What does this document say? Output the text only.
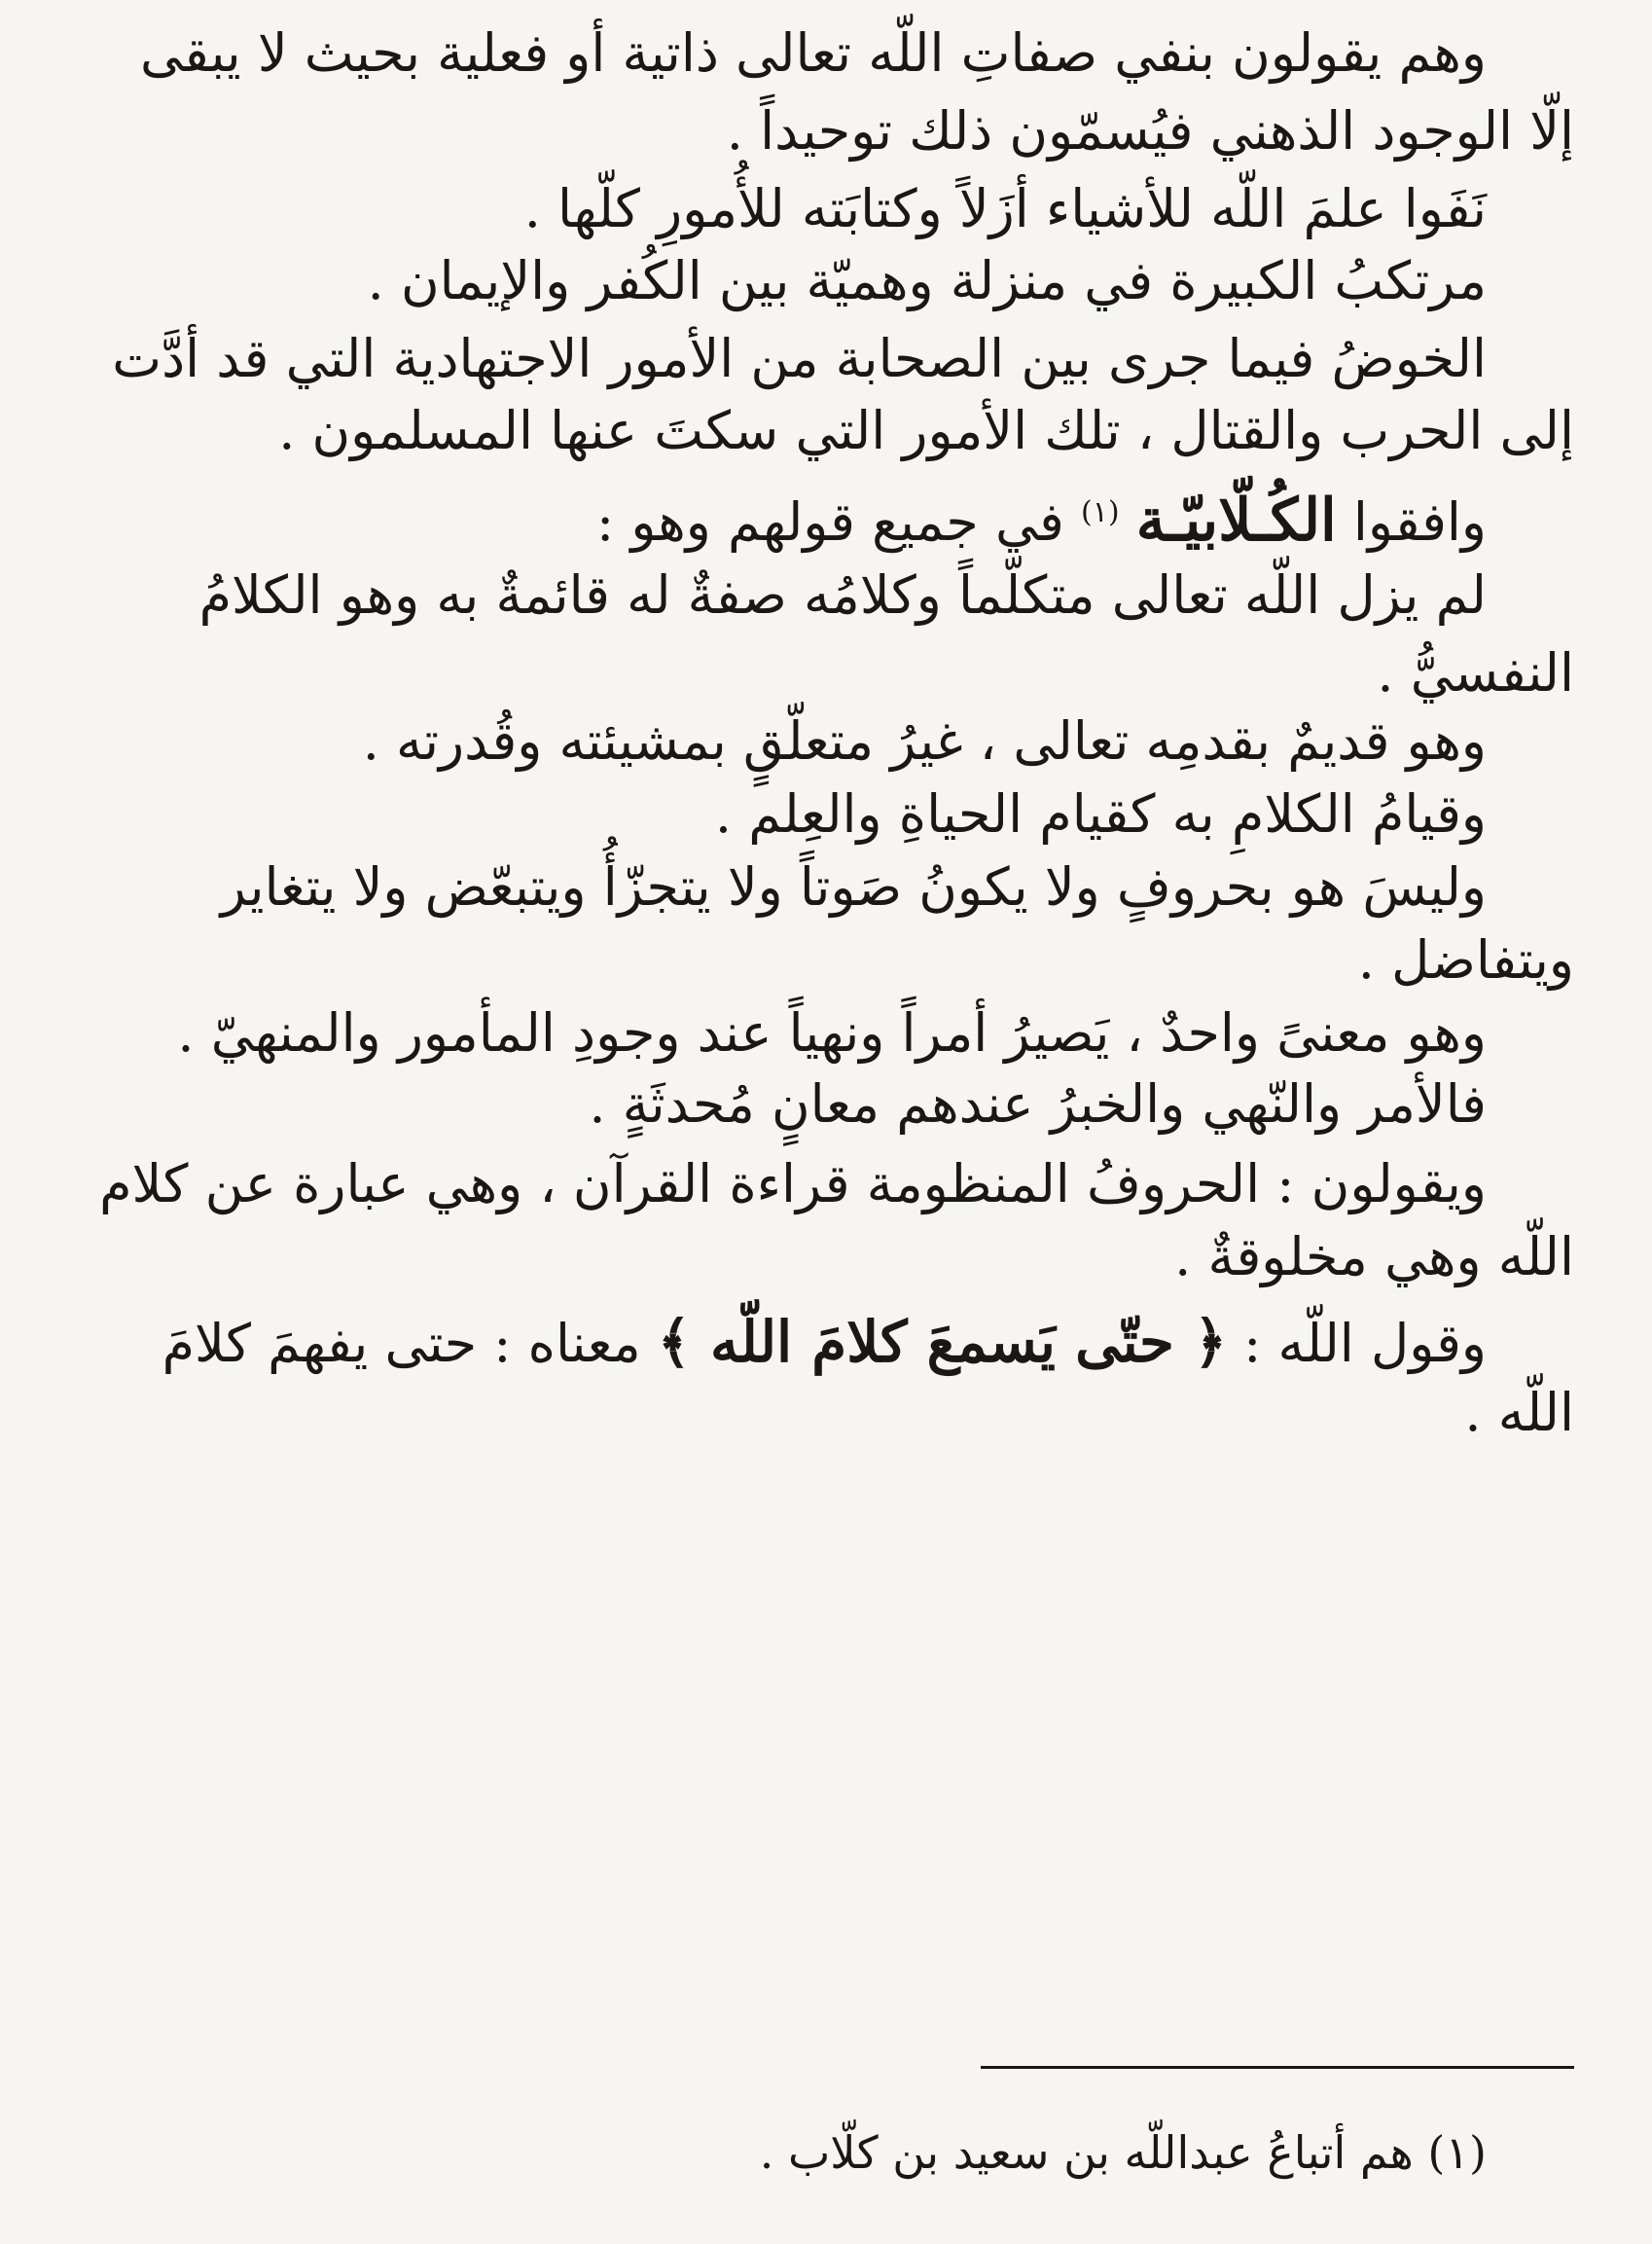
وهم يقولون بنفي صفاتِ اللّه تعالى ذاتية أو فعلية بحيث لا يبقى
إلّا الوجود الذهني فيُسمّون ذلك توحيداً .
نَفَوا علمَ اللّه للأشياء أزَلاً وكتابَته للأُمورِ كلّها .
مرتكبُ الكبيرة في منزلة وهميّة بين الكُفر والإيمان .
الخوضُ فيما جرى بين الصحابة من الأمور الاجتهادية التي قد أدَّت
إلى الحرب والقتال ، تلك الأمور التي سكتَ عنها المسلمون .
وافقوا الكُـلّابيّـة $^{(١)}$ في جميع قولهم وهو :
لم يزل اللّه تعالى متكلّماً وكلامُه صفةٌ له قائمةٌ به وهو الكلامُ
النفسيُّ .
وهو قديمٌ بقدمِه تعالى ، غيرُ متعلّقٍ بمشيئته وقُدرته .
وقيامُ الكلامِ به كقيام الحياةِ والعِلم .
وليسَ هو بحروفٍ ولا يكونُ صَوتاً ولا يتجزّأُ ويتبعّض ولا يتغاير
ويتفاضل .
وهو معنىً واحدٌ ، يَصيرُ أمراً ونهياً عند وجودِ المأمور والمنهيّ .
فالأمر والنّهي والخبرُ عندهم معانٍ مُحدثَةٍ .
ويقولون : الحروفُ المنظومة قراءة القرآن ، وهي عبارة عن كلام
اللّه وهي مخلوقةٌ .
وقول اللّه : ﴿ حتّى يَسمعَ كلامَ اللّه ﴾ معناه : حتى يفهمَ كلامَ
اللّه .
(١) هم أتباعُ عبداللّه بن سعيد بن كلّاب .
